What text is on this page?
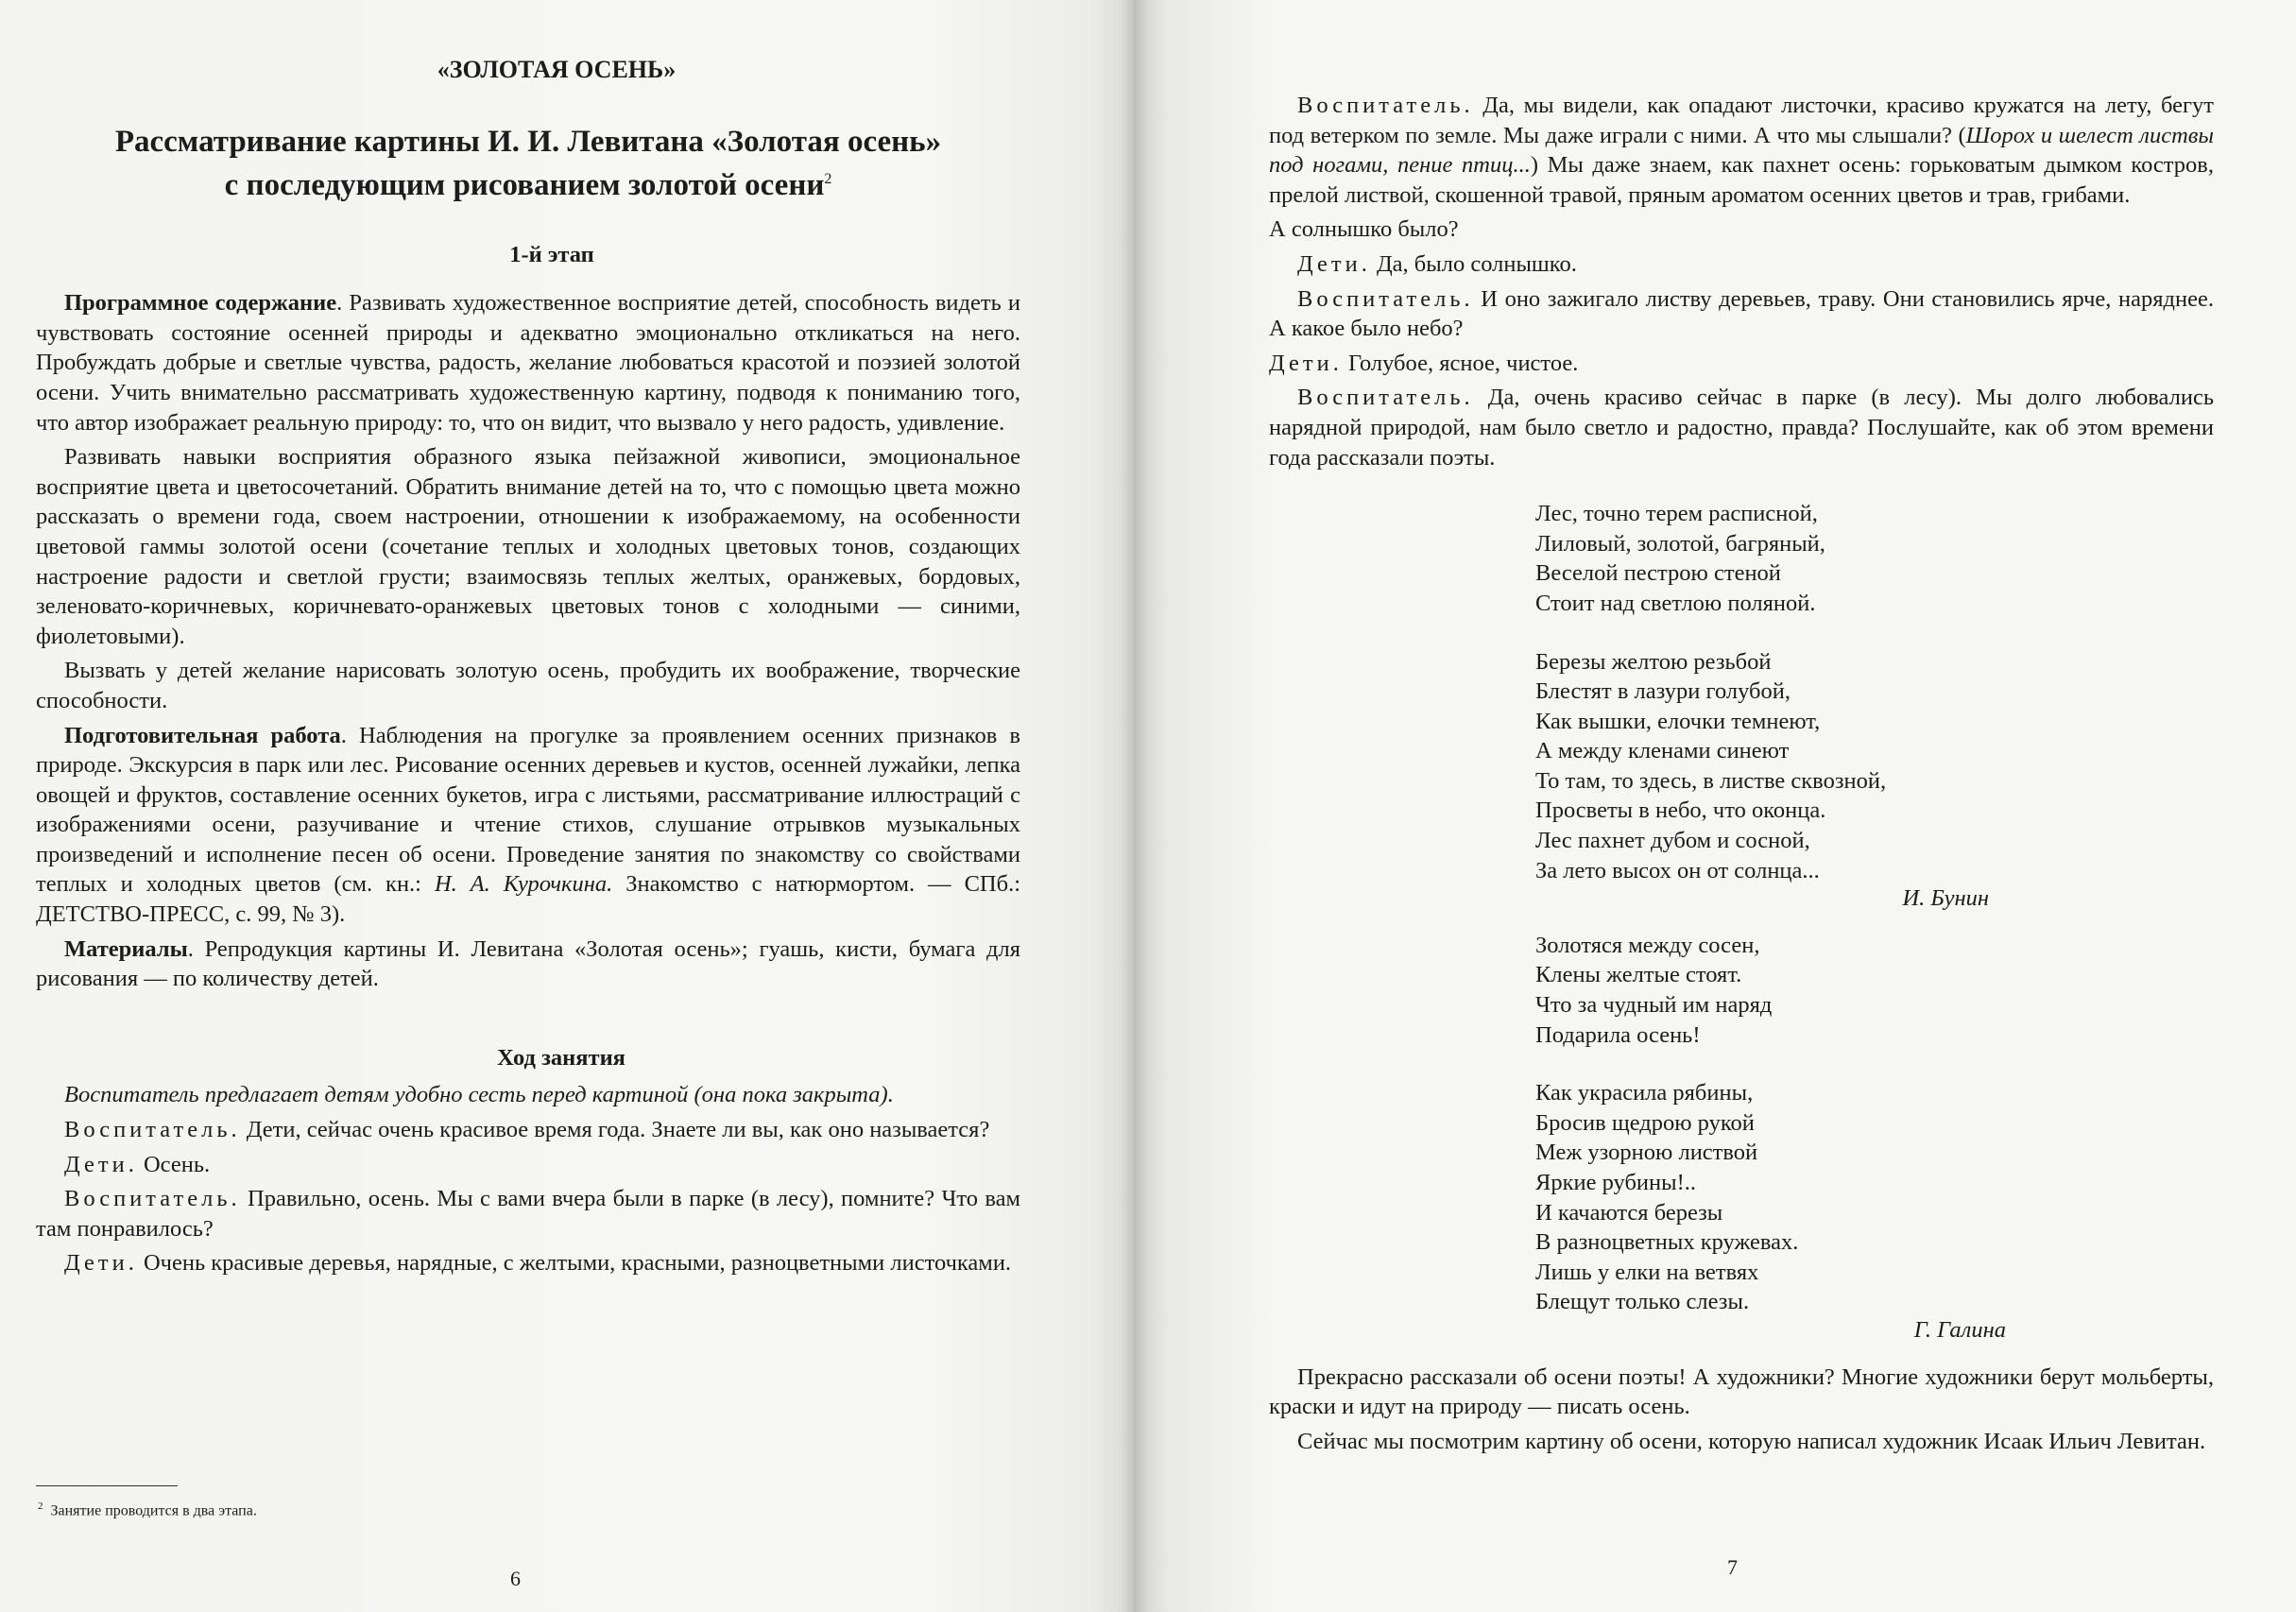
«ЗОЛОТАЯ ОСЕНЬ»
Рассматривание картины И. И. Левитана «Золотая осень»
с последующим рисованием золотой осени$^2$
1-й этап

Программное содержание. Развивать художественное восприятие детей, способность видеть и чувствовать состояние осенней природы и адекватно эмоционально откликаться на него. Пробуждать добрые и светлые чувства, радость, желание любоваться красотой и поэзией золотой осени. Учить внимательно рассматривать художественную картину, подводя к пониманию того, что автор изображает реальную природу: то, что он видит, что вызвало у него радость, удивление.

Развивать навыки восприятия образного языка пейзажной живописи, эмоциональное восприятие цвета и цветосочетаний. Обратить внимание детей на то, что с помощью цвета можно рассказать о времени года, своем настроении, отношении к изображаемому, на особенности цветовой гаммы золотой осени (сочетание теплых и холодных цветовых тонов, создающих настроение радости и светлой грусти; взаимосвязь теплых желтых, оранжевых, бордовых, зеленовато-коричневых, коричневато-оранжевых цветовых тонов с холодными — синими, фиолетовыми).

Вызвать у детей желание нарисовать золотую осень, пробудить их воображение, творческие способности.

Подготовительная работа. Наблюдения на прогулке за проявлением осенних признаков в природе. Экскурсия в парк или лес. Рисование осенних деревьев и кустов, осенней лужайки, лепка овощей и фруктов, составление осенних букетов, игра с листьями, рассматривание иллюстраций с изображениями осени, разучивание и чтение стихов, слушание отрывков музыкальных произведений и исполнение песен об осени. Проведение занятия по знакомству со свойствами теплых и холодных цветов (см. кн.: Н. А. Курочкина. Знакомство с натюрмортом. — СПб.: ДЕТСТВО-ПРЕСС, с. 99, № 3).

Материалы. Репродукция картины И. Левитана «Золотая осень»; гуашь, кисти, бумага для рисования — по количеству детей.

Ход занятия

Воспитатель предлагает детям удобно сесть перед картиной (она пока закрыта).

Воспитатель. Дети, сейчас очень красивое время года. Знаете ли вы, как оно называется?

Дети. Осень.

Воспитатель. Правильно, осень. Мы с вами вчера были в парке (в лесу), помните? Что вам там понравилось?

Дети. Очень красивые деревья, нарядные, с желтыми, красными, разноцветными листочками.

$^2$ Занятие проводится в два этапа.
6

Воспитатель. Да, мы видели, как опадают листочки, красиво кружатся на лету, бегут под ветерком по земле. Мы даже играли с ними. А что мы слышали? (Шорох и шелест листвы под ногами, пение птиц...) Мы даже знаем, как пахнет осень: горьковатым дымком костров, прелой листвой, скошенной травой, пряным ароматом осенних цветов и трав, грибами.

А солнышко было?

Дети. Да, было солнышко.

Воспитатель. И оно зажигало листву деревьев, траву. Они становились ярче, наряднее. А какое было небо?

Дети. Голубое, ясное, чистое.

Воспитатель. Да, очень красиво сейчас в парке (в лесу). Мы долго любовались нарядной природой, нам было светло и радостно, правда? Послушайте, как об этом времени года рассказали поэты.

Лес, точно терем расписной,
Лиловый, золотой, багряный,
Веселой пестрою стеной
Стоит над светлою поляной.
Березы желтою резьбой
Блестят в лазури голубой,
Как вышки, елочки темнеют,
А между кленами синеют
То там, то здесь, в листве сквозной,
Просветы в небо, что оконца.
Лес пахнет дубом и сосной,
За лето высох он от солнца...
И. Бунин
Золотяся между сосен,
Клены желтые стоят.
Что за чудный им наряд
Подарила осень!
Как украсила рябины,
Бросив щедрою рукой
Меж узорною листвой
Яркие рубины!..
И качаются березы
В разноцветных кружевах.
Лишь у елки на ветвях
Блещут только слезы.
Г. Галина

Прекрасно рассказали об осени поэты! А художники? Многие художники берут мольберты, краски и идут на природу — писать осень.

Сейчас мы посмотрим картину об осени, которую написал художник Исаак Ильич Левитан.

7
